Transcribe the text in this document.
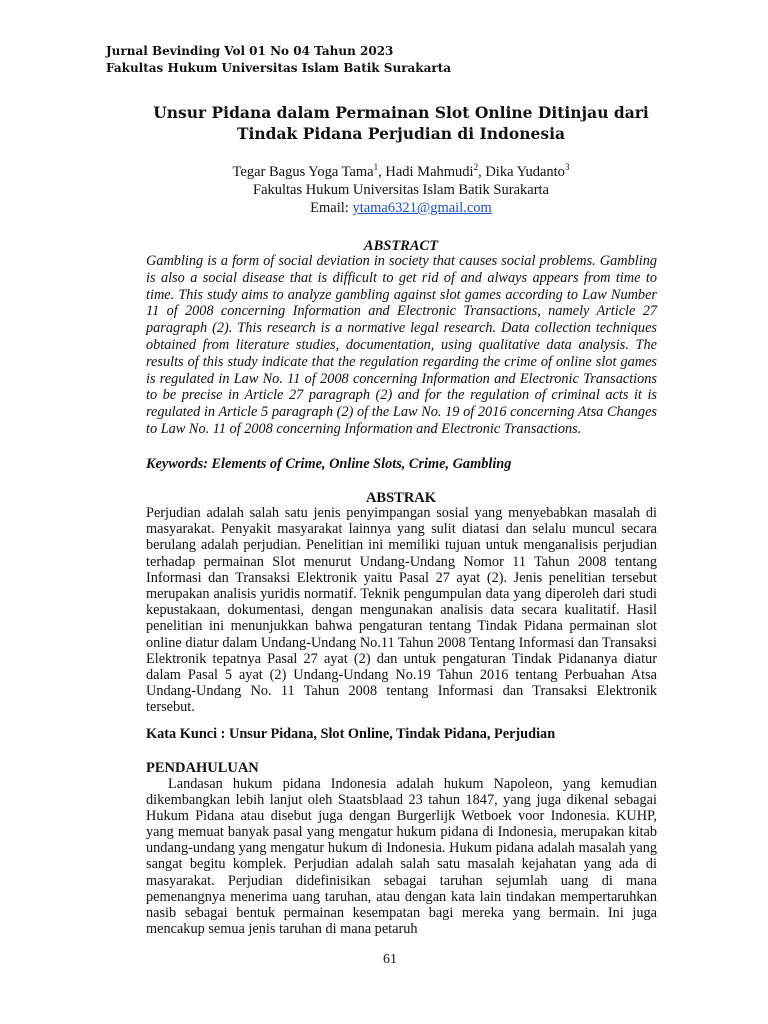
Jurnal Bevinding Vol 01 No 04 Tahun 2023
Fakultas Hukum Universitas Islam Batik Surakarta
Unsur Pidana dalam Permainan Slot Online Ditinjau dari Tindak Pidana Perjudian di Indonesia
Tegar Bagus Yoga Tama$^1$, Hadi Mahmudi$^2$, Dika Yudanto$^3$
Fakultas Hukum Universitas Islam Batik Surakarta
Email: ytama6321@gmail.com
ABSTRACT

Gambling is a form of social deviation in society that causes social problems. Gambling is also a social disease that is difficult to get rid of and always appears from time to time. This study aims to analyze gambling against slot games according to Law Number 11 of 2008 concerning Information and Electronic Transactions, namely Article 27 paragraph (2). This research is a normative legal research. Data collection techniques obtained from literature studies, documentation, using qualitative data analysis. The results of this study indicate that the regulation regarding the crime of online slot games is regulated in Law No. 11 of 2008 concerning Information and Electronic Transactions to be precise in Article 27 paragraph (2) and for the regulation of criminal acts it is regulated in Article 5 paragraph (2) of the Law No. 19 of 2016 concerning Atsa Changes to Law No. 11 of 2008 concerning Information and Electronic Transactions.

Keywords: Elements of Crime, Online Slots, Crime, Gambling

ABSTRAK

Perjudian adalah salah satu jenis penyimpangan sosial yang menyebabkan masalah di masyarakat. Penyakit masyarakat lainnya yang sulit diatasi dan selalu muncul secara berulang adalah perjudian. Penelitian ini memiliki tujuan untuk menganalisis perjudian terhadap permainan Slot menurut Undang-Undang Nomor 11 Tahun 2008 tentang Informasi dan Transaksi Elektronik yaitu Pasal 27 ayat (2). Jenis penelitian tersebut merupakan analisis yuridis normatif. Teknik pengumpulan data yang diperoleh dari studi kepustakaan, dokumentasi, dengan mengunakan analisis data secara kualitatif. Hasil penelitian ini menunjukkan bahwa pengaturan tentang Tindak Pidana permainan slot online diatur dalam Undang-Undang No.11 Tahun 2008 Tentang Informasi dan Transaksi Elektronik tepatnya Pasal 27 ayat (2) dan untuk pengaturan Tindak Pidananya diatur dalam Pasal 5 ayat (2) Undang-Undang No.19 Tahun 2016 tentang Perbuahan Atsa Undang-Undang No. 11 Tahun 2008 tentang Informasi dan Transaksi Elektronik tersebut.

Kata Kunci : Unsur Pidana, Slot Online, Tindak Pidana, Perjudian

PENDAHULUAN

Landasan hukum pidana Indonesia adalah hukum Napoleon, yang kemudian dikembangkan lebih lanjut oleh Staatsblaad 23 tahun 1847, yang juga dikenal sebagai Hukum Pidana atau disebut juga dengan Burgerlijk Wetboek voor Indonesia. KUHP, yang memuat banyak pasal yang mengatur hukum pidana di Indonesia, merupakan kitab undang-undang yang mengatur hukum di Indonesia. Hukum pidana adalah masalah yang sangat begitu komplek. Perjudian adalah salah satu masalah kejahatan yang ada di masyarakat. Perjudian didefinisikan sebagai taruhan sejumlah uang di mana pemenangnya menerima uang taruhan, atau dengan kata lain tindakan mempertaruhkan nasib sebagai bentuk permainan kesempatan bagi mereka yang bermain. Ini juga mencakup semua jenis taruhan di mana petaruh

61
